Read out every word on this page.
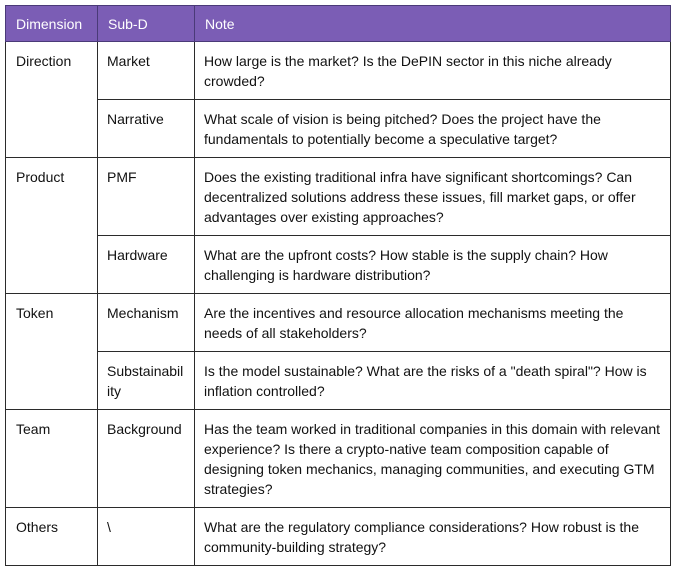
Dimension	Sub-D	Note
Direction	Market	How large is the market? Is the DePIN sector in this niche already crowded?
	Narrative	What scale of vision is being pitched? Does the project have the fundamentals to potentially become a speculative target?
Product	PMF	Does the existing traditional infra have significant shortcomings? Can decentralized solutions address these issues, fill market gaps, or offer advantages over existing approaches?
	Hardware	What are the upfront costs? How stable is the supply chain? How challenging is hardware distribution?
Token	Mechanism	Are the incentives and resource allocation mechanisms meeting the needs of all stakeholders?
	Substainability	Is the model sustainable? What are the risks of a "death spiral"? How is inflation controlled?
Team	Background	Has the team worked in traditional companies in this domain with relevant experience? Is there a crypto-native team composition capable of designing token mechanics, managing communities, and executing GTM strategies?
Others	\	What are the regulatory compliance considerations? How robust is the community-building strategy?
